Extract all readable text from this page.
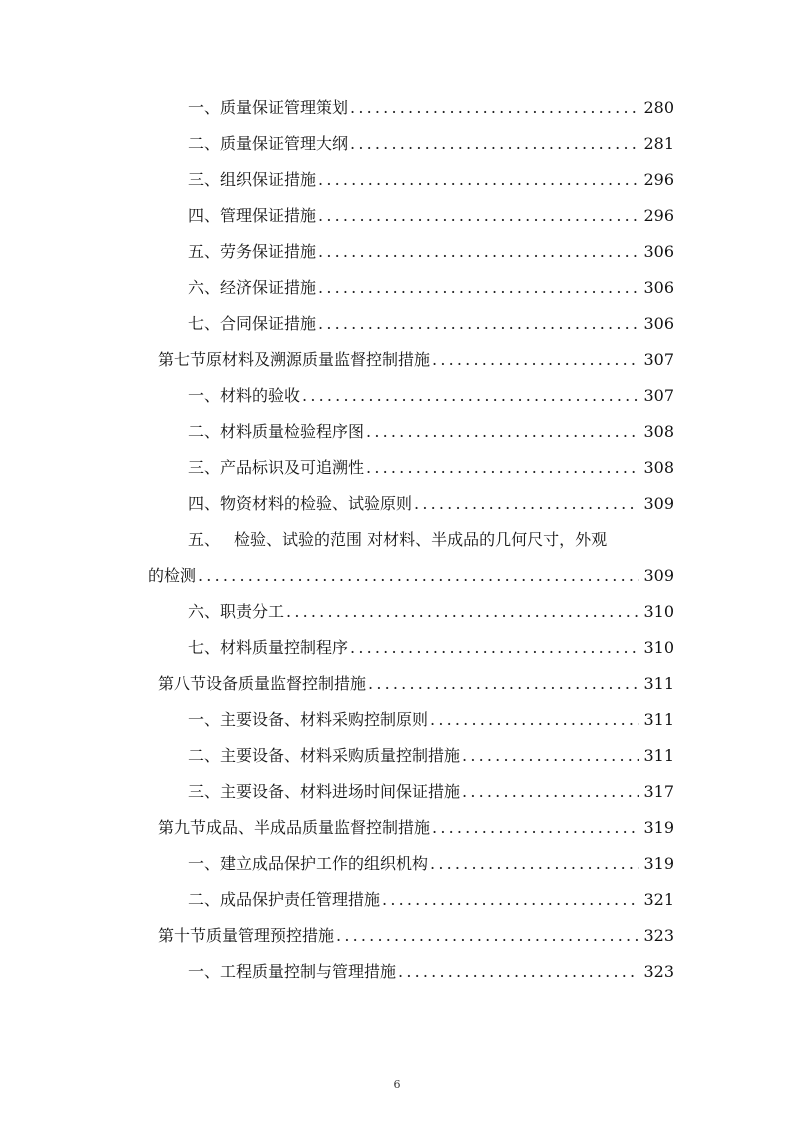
一、 质量保证管理策划 .....	280
二、 质量保证管理大纲 .....	281
三、 组织保证措施 .....	296
四、 管理保证措施 .....	296
五、 劳务保证措施 .....	306
六、 经济保证措施 .....	306
七、 合同保证措施 .....	306
第七节 原材料及溯源质量监督控制措施 .....	307
一、 材料的验收 .....	307
二、 材料质量检验程序图 .....	308
三、 产品标识及可追溯性 .....	308
四、 物资材料的检验、试验原则 .....	309
五、 检验、试验的范围 对材料、半成品的几何尺寸，外观
的检测 .....	309
六、 职责分工 .....	310
七、 材料质量控制程序 .....	310
第八节 设备质量监督控制措施 .....	311
一、 主要设备、材料采购控制原则 .....	311
二、 主要设备、材料采购质量控制措施 .....	311
三、 主要设备、材料进场时间保证措施 .....	317
第九节 成品、半成品质量监督控制措施 .....	319
一、 建立成品保护工作的组织机构 .....	319
二、 成品保护责任管理措施 .....	321
第十节 质量管理预控措施 .....	323
一、 工程质量控制与管理措施 .....	323
6
